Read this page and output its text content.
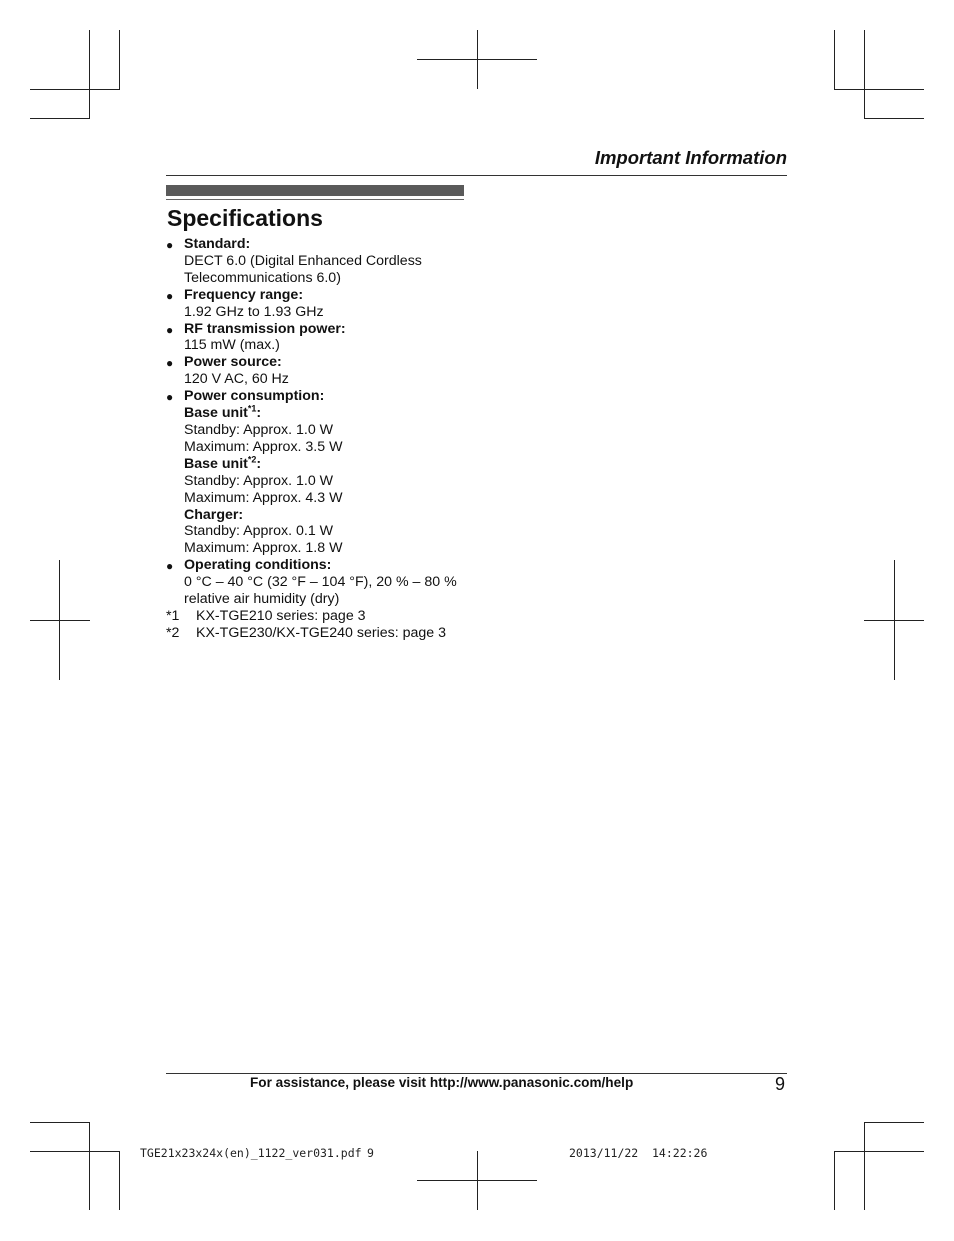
Important Information
Specifications
● Standard:
DECT 6.0 (Digital Enhanced Cordless
Telecommunications 6.0)
● Frequency range:
1.92 GHz to 1.93 GHz
● RF transmission power:
115 mW (max.)
● Power source:
120 V AC, 60 Hz
● Power consumption:
Base unit$^{*1}$:
Standby: Approx. 1.0 W
Maximum: Approx. 3.5 W
Base unit$^{*2}$:
Standby: Approx. 1.0 W
Maximum: Approx. 4.3 W
Charger:
Standby: Approx. 0.1 W
Maximum: Approx. 1.8 W
● Operating conditions:
0 °C – 40 °C (32 °F – 104 °F), 20 % – 80 %
relative air humidity (dry)
*1 KX-TGE210 series: page 3
*2 KX-TGE230/KX-TGE240 series: page 3
For assistance, please visit http://www.panasonic.com/help	9
TGE21x23x24x(en)_1122_ver031.pdf 9	2013/11/22 14:22:26
